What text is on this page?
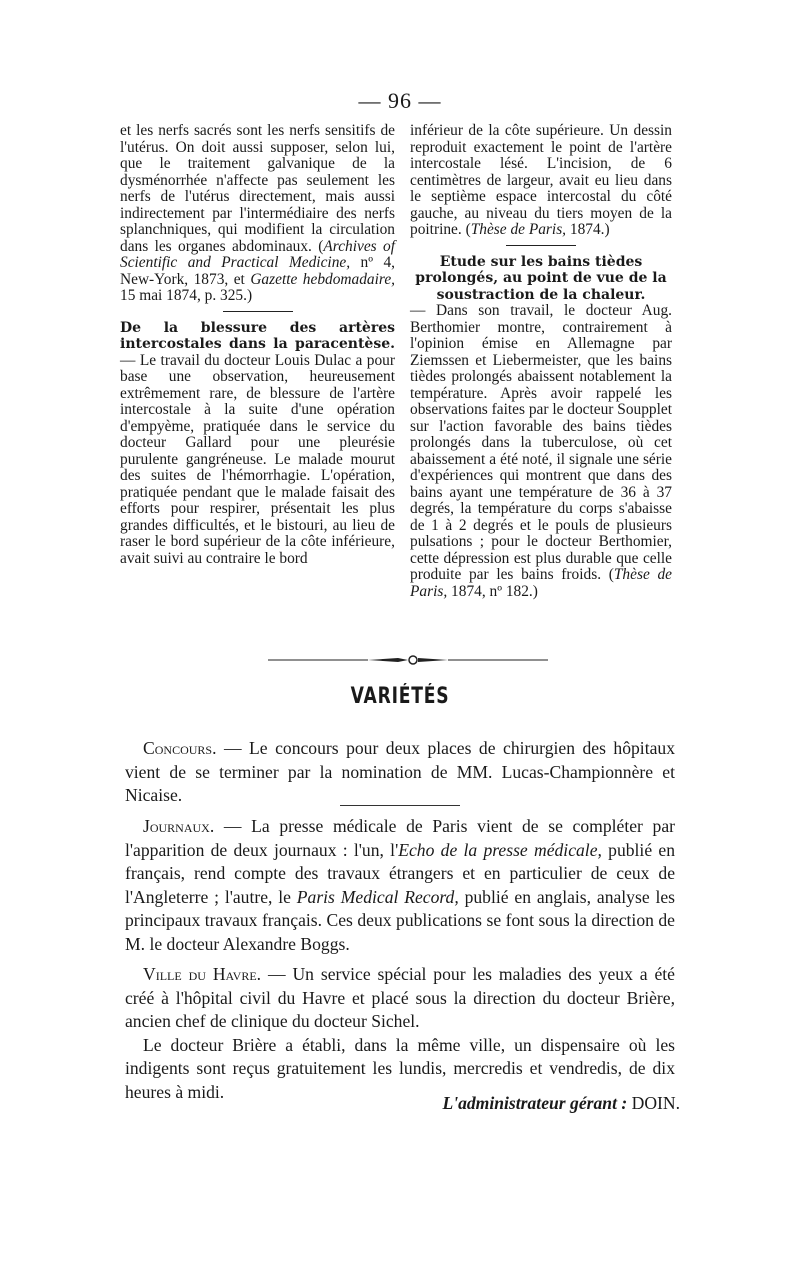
— 96 —

et les nerfs sacrés sont les nerfs sensitifs de l'utérus. On doit aussi supposer, selon lui, que le traitement galvanique de la dysménorrhée n'affecte pas seulement les nerfs de l'utérus directement, mais aussi indirectement par l'intermédiaire des nerfs splanchniques, qui modifient la circulation dans les organes abdominaux. (Archives of Scientific and Practical Medicine, nº 4, New-York, 1873, et Gazette hebdomadaire, 15 mai 1874, p. 325.)

De la blessure des artères intercostales dans la paracentèse. — Le travail du docteur Louis Dulac a pour base une observation, heureusement extrêmement rare, de blessure de l'artère intercostale à la suite d'une opération d'empyème, pratiquée dans le service du docteur Gallard pour une pleurésie purulente gangréneuse. Le malade mourut des suites de l'hémorrhagie. L'opération, pratiquée pendant que le malade faisait des efforts pour respirer, présentait les plus grandes difficultés, et le bistouri, au lieu de raser le bord supérieur de la côte inférieure, avait suivi au contraire le bord

inférieur de la côte supérieure. Un dessin reproduit exactement le point de l'artère intercostale lésé. L'incision, de 6 centimètres de largeur, avait eu lieu dans le septième espace intercostal du côté gauche, au niveau du tiers moyen de la poitrine. (Thèse de Paris, 1874.)

Etude sur les bains tièdes prolongés, au point de vue de la soustraction de la chaleur.

— Dans son travail, le docteur Aug. Berthomier montre, contrairement à l'opinion émise en Allemagne par Ziemssen et Liebermeister, que les bains tièdes prolongés abaissent notablement la température. Après avoir rappelé les observations faites par le docteur Soupplet sur l'action favorable des bains tièdes prolongés dans la tuberculose, où cet abaissement a été noté, il signale une série d'expériences qui montrent que dans des bains ayant une température de 36 à 37 degrés, la température du corps s'abaisse de 1 à 2 degrés et le pouls de plusieurs pulsations ; pour le docteur Berthomier, cette dépression est plus durable que celle produite par les bains froids. (Thèse de Paris, 1874, nº 182.)

VARIÉTÉS

Concours. — Le concours pour deux places de chirurgien des hôpitaux vient de se terminer par la nomination de MM. Lucas-Championnère et Nicaise.

Journaux. — La presse médicale de Paris vient de se compléter par l'apparition de deux journaux : l'un, l'Echo de la presse médicale, publié en français, rend compte des travaux étrangers et en particulier de ceux de l'Angleterre ; l'autre, le Paris Medical Record, publié en anglais, analyse les principaux travaux français. Ces deux publications se font sous la direction de M. le docteur Alexandre Boggs.

Ville du Havre. — Un service spécial pour les maladies des yeux a été créé à l'hôpital civil du Havre et placé sous la direction du docteur Brière, ancien chef de clinique du docteur Sichel.

Le docteur Brière a établi, dans la même ville, un dispensaire où les indigents sont reçus gratuitement les lundis, mercredis et vendredis, de dix heures à midi.

L'administrateur gérant : DOIN.
